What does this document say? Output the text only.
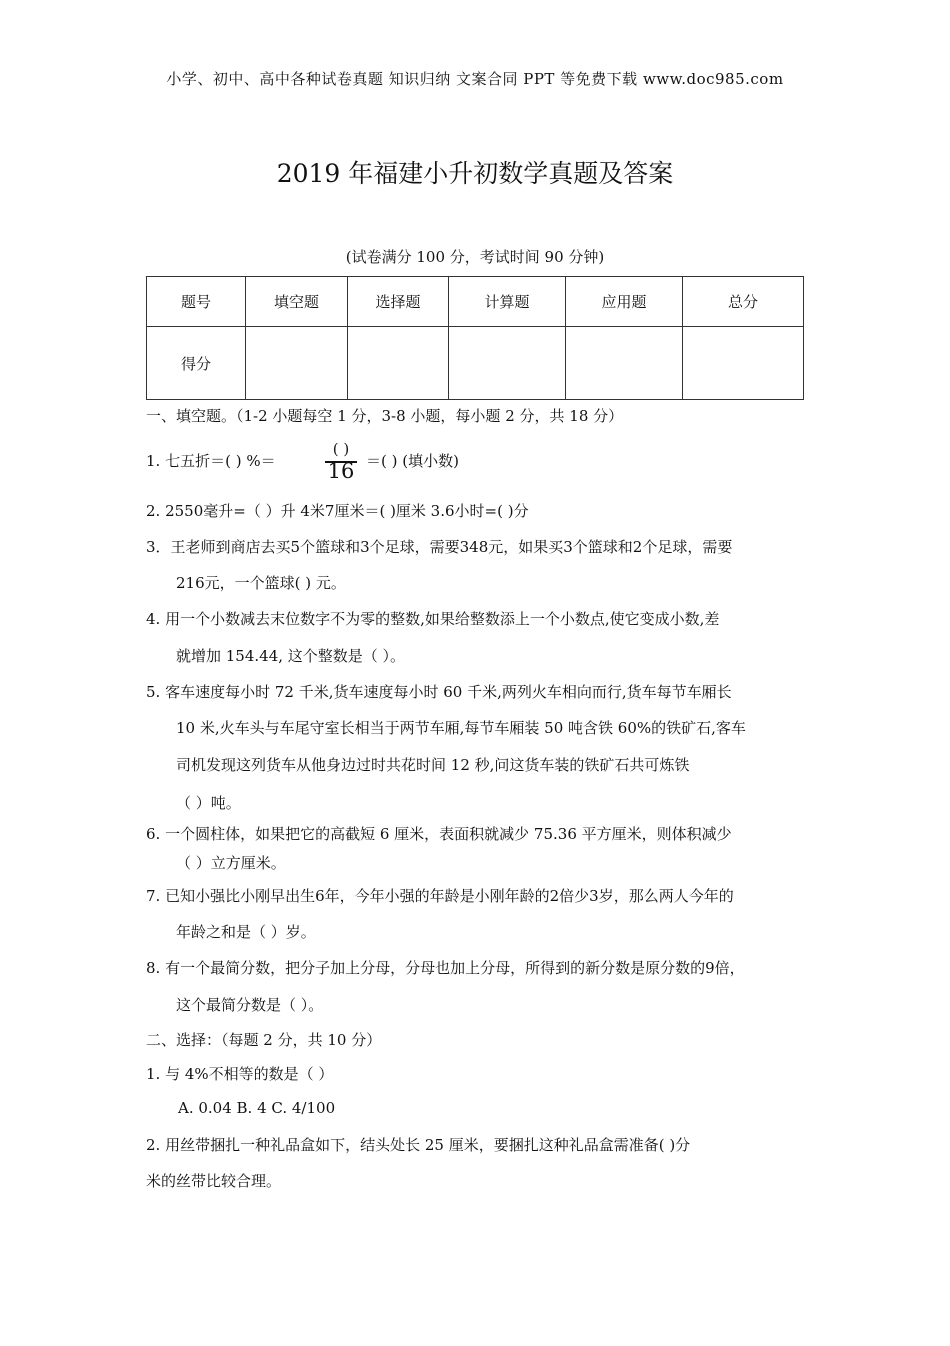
小学、初中、高中各种试卷真题 知识归纳 文案合同 PPT 等免费下载 www.doc985.com
2019 年福建小升初数学真题及答案
(试卷满分 100 分，考试时间 90 分钟)
题号	填空题	选择题	计算题	应用题	总分
得分					
一、填空题。（1-2 小题每空 1 分，3-8 小题，每小题 2 分，共 18 分）
1. 七五折＝( ) %＝
( )
16 ＝( ) (填小数)
2. 2550毫升=（ ）升 4米7厘米＝( )厘米 3.6小时=( )分
3．王老师到商店去买5个篮球和3个足球，需要348元，如果买3个篮球和2个足球，需要
216元，一个篮球( ) 元。
4. 用一个小数减去末位数字不为零的整数,如果给整数添上一个小数点,使它变成小数,差
就增加 154.44, 这个整数是（ ）。
5. 客车速度每小时 72 千米,货车速度每小时 60 千米,两列火车相向而行,货车每节车厢长
10 米,火车头与车尾守室长相当于两节车厢,每节车厢装 50 吨含铁 60%的铁矿石,客车
司机发现这列货车从他身边过时共花时间 12 秒,问这货车装的铁矿石共可炼铁
（ ）吨。
6. 一个圆柱体，如果把它的高截短 6 厘米，表面积就减少 75.36 平方厘米，则体积减少
（ ）立方厘米。
7. 已知小强比小刚早出生6年，今年小强的年龄是小刚年龄的2倍少3岁，那么两人今年的
年龄之和是（ ）岁。
8. 有一个最简分数，把分子加上分母，分母也加上分母，所得到的新分数是原分数的9倍，
这个最简分数是（ ）。
二、选择：（每题 2 分，共 10 分）
1. 与 4%不相等的数是（ ）
A. 0.04 B. 4 C. 4/100
2. 用丝带捆扎一种礼品盒如下，结头处长 25 厘米，要捆扎这种礼品盒需准备( )分
米的丝带比较合理。
